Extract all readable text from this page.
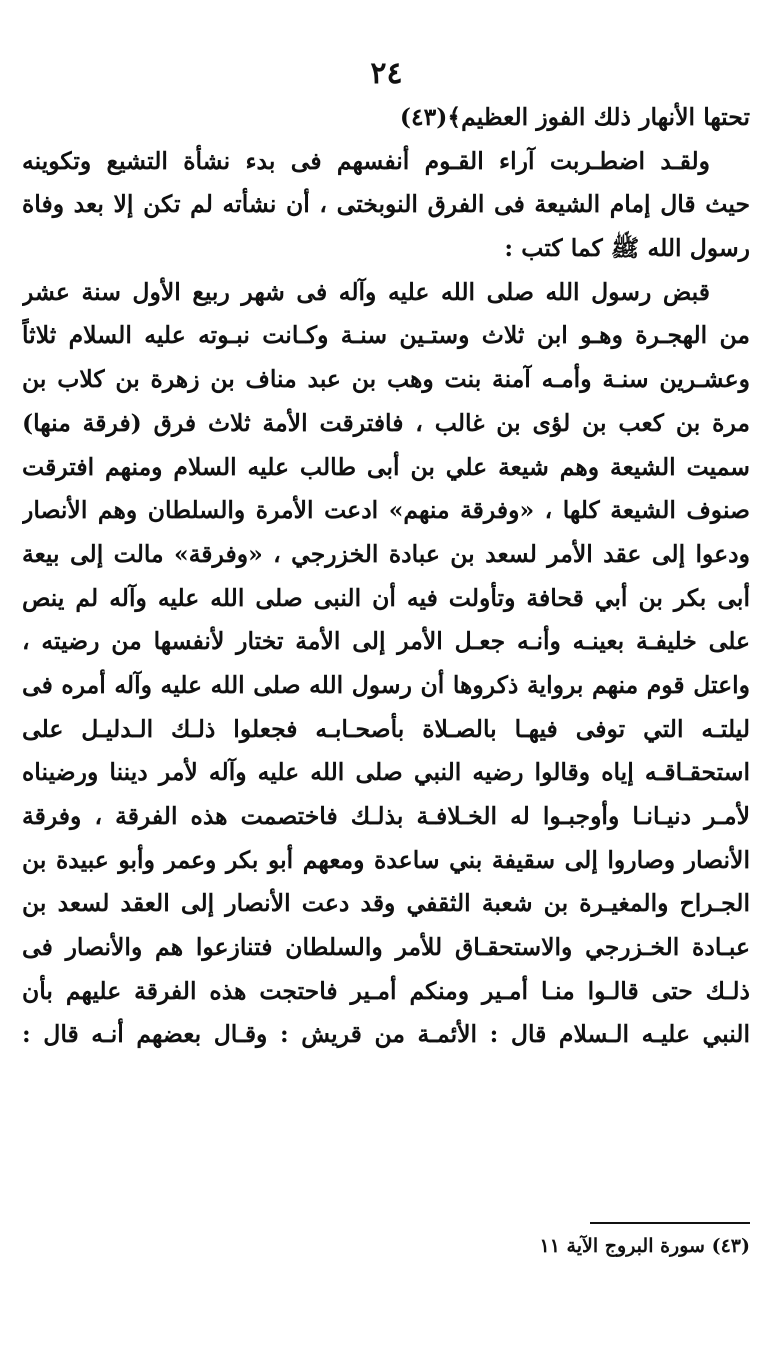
٢٤
تحتها الأنهار ذلك الفوز العظيم﴾(٤٣)
ولقـد اضطـربت آراء القـوم أنفسهم فى بدء نشأة التشيع وتكوينه
حيث قال إمام الشيعة فى الفرق النوبختى ، أن نشأته لم تكن إلا بعد وفاة
رسول الله ﷺ كما كتب :
قبض رسول الله صلى الله عليه وآله فى شهر ربيع الأول سنة عشر
من الهجـرة وهـو ابن ثلاث وستـين سنـة وكـانت نبـوته عليه السلام ثلاثاً
وعشـرين سنـة وأمـه آمنة بنت وهب بن عبد مناف بن زهرة بن كلاب بن
مرة بن كعب بن لؤى بن غالب ، فافترقت الأمة ثلاث فرق (فرقة منها)
سميت الشيعة وهم شيعة علي بن أبى طالب عليه السلام ومنهم افترقت
صنوف الشيعة كلها ، «وفرقة منهم» ادعت الأمرة والسلطان وهم الأنصار
ودعوا إلى عقد الأمر لسعد بن عبادة الخزرجي ، «وفرقة» مالت إلى بيعة
أبى بكر بن أبي قحافة وتأولت فيه أن النبى صلى الله عليه وآله لم ينص
على خليفـة بعينـه وأنـه جعـل الأمر إلى الأمة تختار لأنفسها من رضيته ،
واعتل قوم منهم برواية ذكروها أن رسول الله صلى الله عليه وآله أمره فى
ليلتـه التي توفى فيهـا بالصـلاة بأصحـابـه فجعلوا ذلـك الـدليـل على
استحقـاقـه إياه وقالوا رضيه النبي صلى الله عليه وآله لأمر ديننا ورضيناه
لأمـر دنيـانـا وأوجبـوا له الخـلافـة بذلـك فاختصمت هذه الفرقة ، وفرقة
الأنصار وصاروا إلى سقيفة بني ساعدة ومعهم أبو بكر وعمر وأبو عبيدة بن
الجـراح والمغيـرة بن شعبة الثقفي وقد دعت الأنصار إلى العقد لسعد بن
عبـادة الخـزرجي والاستحقـاق للأمر والسلطان فتنازعوا هم والأنصار فى
ذلـك حتى قالـوا منـا أمـير ومنكم أمـير فاحتجت هذه الفرقة عليهم بأن
النبي عليـه الـسلام قال : الأئمـة من قريش : وقـال بعضهم أنـه قال :
(٤٣) سورة البروج الآية ١١
